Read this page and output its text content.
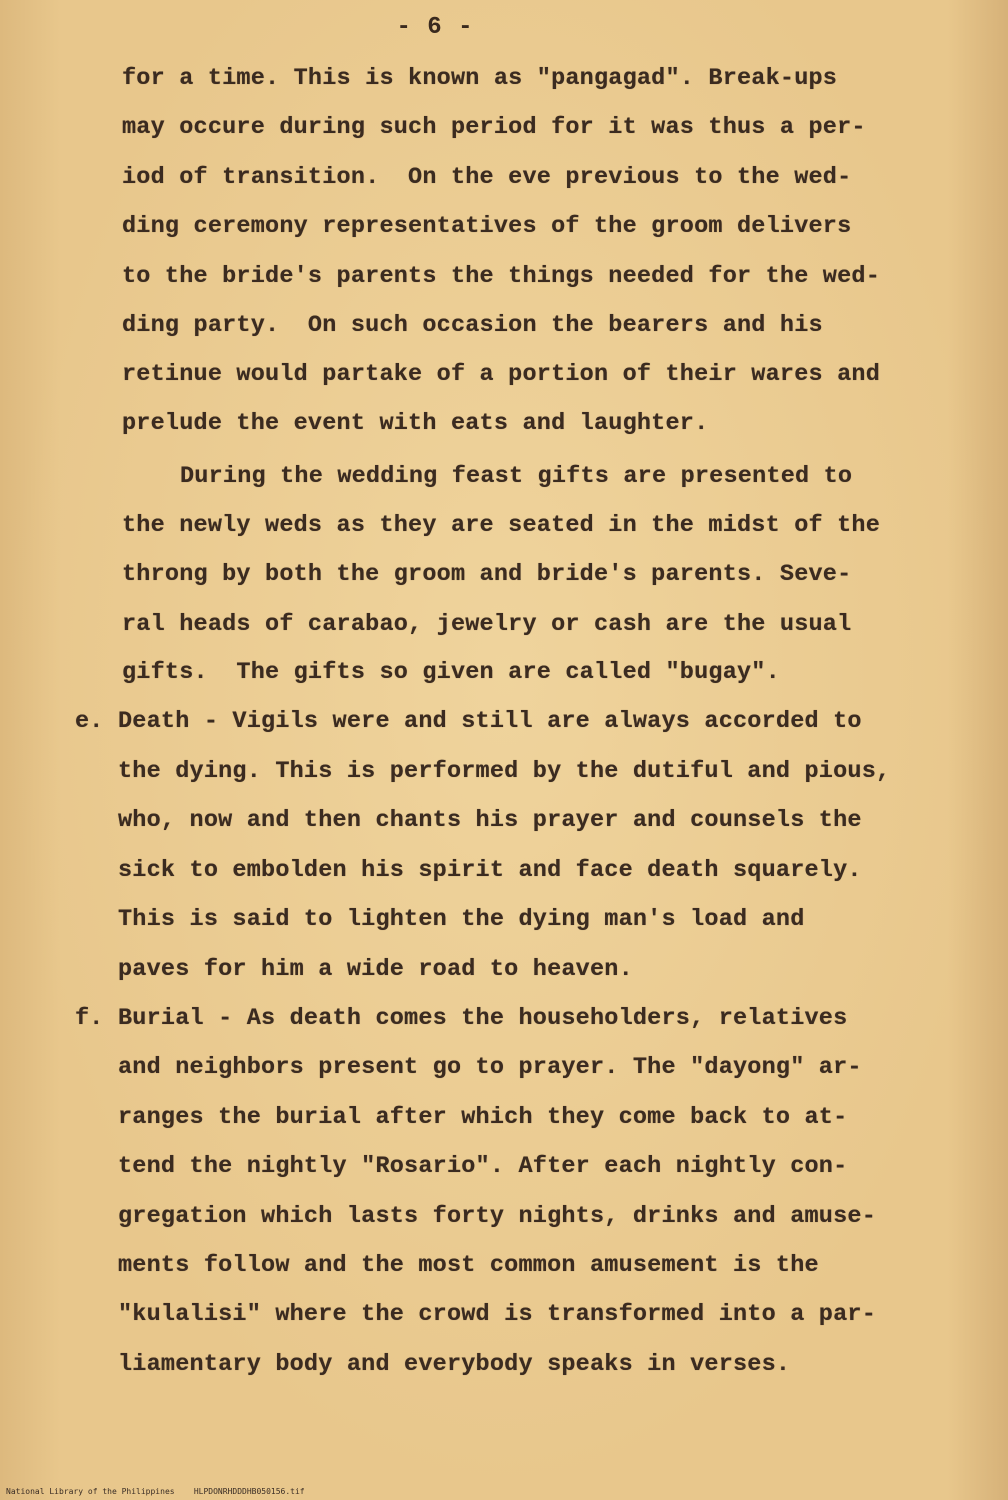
- 6 -
e.
f.
for a time. This is known as "pangagad". Break-ups
may occure during such period for it was thus a per-
iod of transition.  On the eve previous to the wed-
ding ceremony representatives of the groom delivers
to the bride's parents the things needed for the wed-
ding party.  On such occasion the bearers and his
retinue would partake of a portion of their wares and
prelude the event with eats and laughter.
During the wedding feast gifts are presented to
the newly weds as they are seated in the midst of the
throng by both the groom and bride's parents. Seve-
ral heads of carabao, jewelry or cash are the usual
gifts.  The gifts so given are called "bugay".
Death - Vigils were and still are always accorded to
the dying. This is performed by the dutiful and pious,
who, now and then chants his prayer and counsels the
sick to embolden his spirit and face death squarely.
This is said to lighten the dying man's load and
paves for him a wide road to heaven.
Burial - As death comes the householders, relatives
and neighbors present go to prayer. The "dayong" ar-
ranges the burial after which they come back to at-
tend the nightly "Rosario". After each nightly con-
gregation which lasts forty nights, drinks and amuse-
ments follow and the most common amusement is the
"kulalisi" where the crowd is transformed into a par-
liamentary body and everybody speaks in verses.
National Library of the Philippines    HLPDONRHDDDHB050156.tif
